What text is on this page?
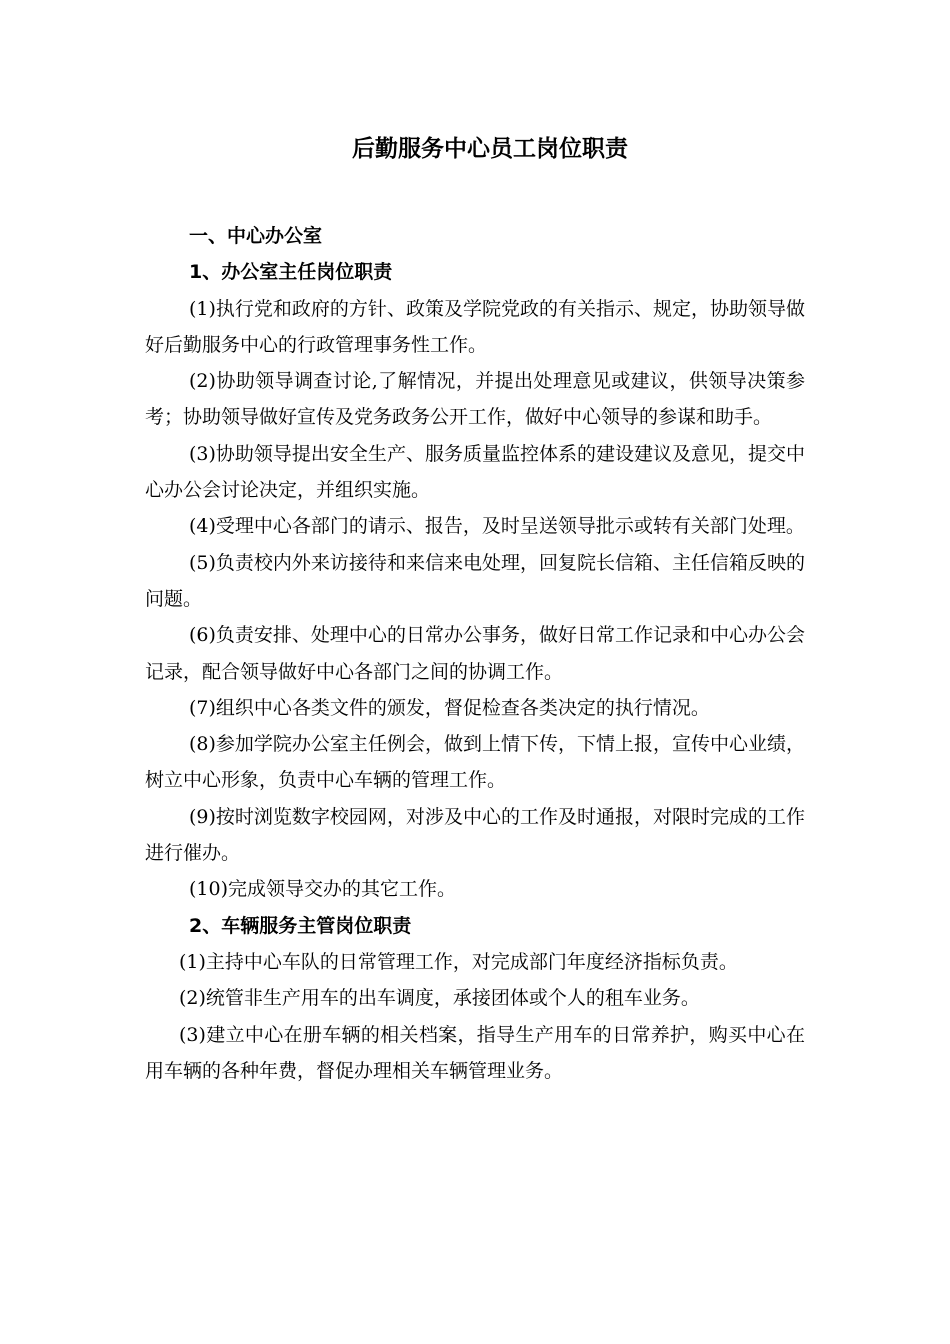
后勤服务中心员工岗位职责

一、中心办公室

1、办公室主任岗位职责

(1)执行党和政府的方针、政策及学院党政的有关指示、规定，协助领导做好后勤服务中心的行政管理事务性工作。

(2)协助领导调查讨论,了解情况，并提出处理意见或建议，供领导决策参考；协助领导做好宣传及党务政务公开工作，做好中心领导的参谋和助手。

(3)协助领导提出安全生产、服务质量监控体系的建设建议及意见，提交中心办公会讨论决定，并组织实施。

(4)受理中心各部门的请示、报告，及时呈送领导批示或转有关部门处理。

(5)负责校内外来访接待和来信来电处理，回复院长信箱、主任信箱反映的问题。

(6)负责安排、处理中心的日常办公事务，做好日常工作记录和中心办公会记录，配合领导做好中心各部门之间的协调工作。

(7)组织中心各类文件的颁发，督促检查各类决定的执行情况。

(8)参加学院办公室主任例会，做到上情下传，下情上报，宣传中心业绩，树立中心形象，负责中心车辆的管理工作。

(9)按时浏览数字校园网，对涉及中心的工作及时通报，对限时完成的工作进行催办。

(10)完成领导交办的其它工作。

2、车辆服务主管岗位职责

(1)主持中心车队的日常管理工作，对完成部门年度经济指标负责。

(2)统管非生产用车的出车调度，承接团体或个人的租车业务。

(3)建立中心在册车辆的相关档案，指导生产用车的日常养护，购买中心在用车辆的各种年费，督促办理相关车辆管理业务。
